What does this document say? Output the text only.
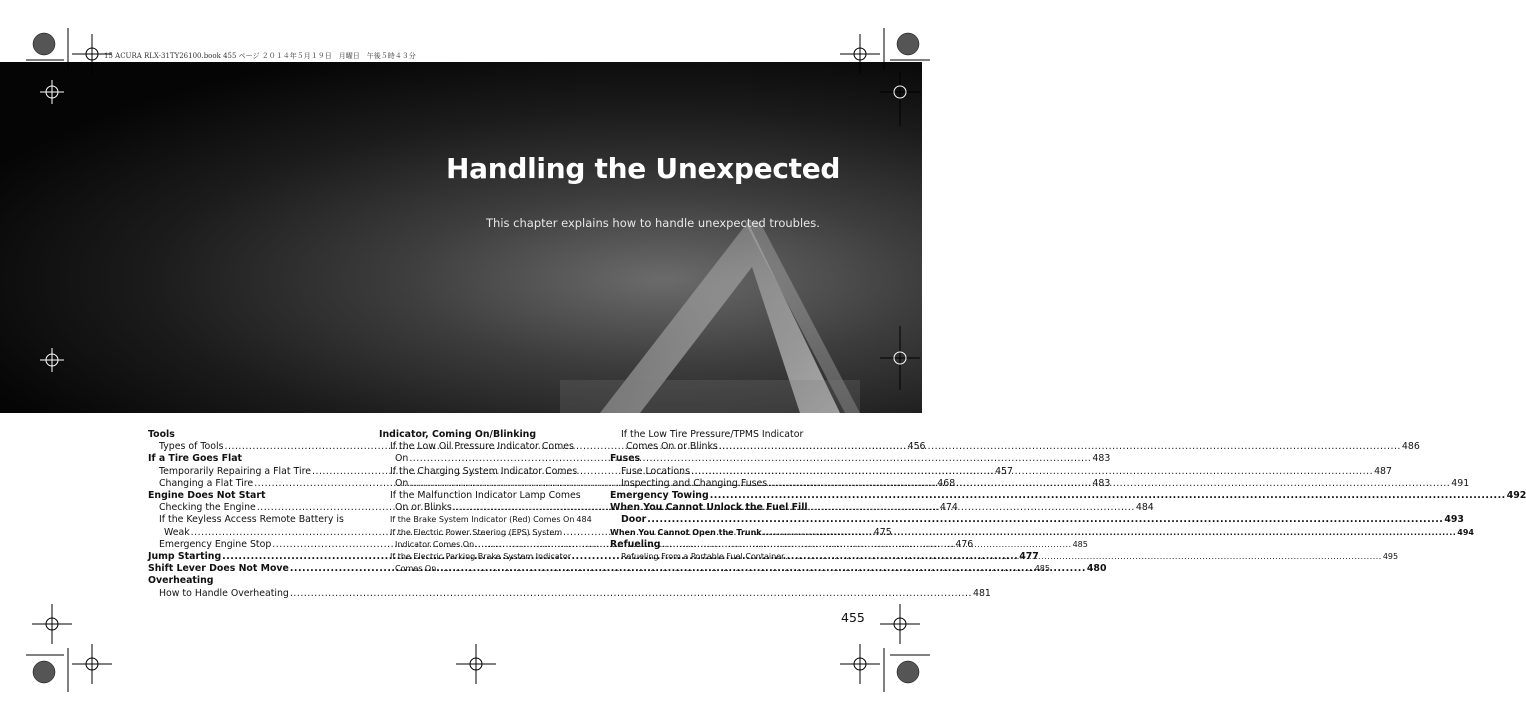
15 ACURA RLX-31TY26100.book 455 ページ ２０１４年５月１９日　月曜日　午後５時４３分
Handling the Unexpected

This chapter explains how to handle unexpected troubles.

Tools
Types of Tools .....	456
If a Tire Goes Flat
Temporarily Repairing a Flat Tire .....	457
Changing a Flat Tire .....	468
Engine Does Not Start
Checking the Engine .....	474
If the Keyless Access Remote Battery is
Weak .....	475
Emergency Engine Stop .....	476
Jump Starting .....	477
Shift Lever Does Not Move .....	480
Overheating
How to Handle Overheating .....	481
Indicator, Coming On/Blinking
If the Low Oil Pressure Indicator Comes
On .....	483
If the Charging System Indicator Comes
On .....	483
If the Malfunction Indicator Lamp Comes
On or Blinks .....	484
If the Brake System Indicator (Red) Comes On 484
If the Electric Power Steering (EPS) System
Indicator Comes On .....	485
If the Electric Parking Brake System Indicator
Comes On .....	485
If the Low Tire Pressure/TPMS Indicator
Comes On or Blinks .....	486
Fuses
Fuse Locations .....	487
Inspecting and Changing Fuses .....	491
Emergency Towing .....	492
When You Cannot Unlock the Fuel Fill
Door .....	493
When You Cannot Open the Trunk .....	494
Refueling
Refueling From a Portable Fuel Container .....	495
455
